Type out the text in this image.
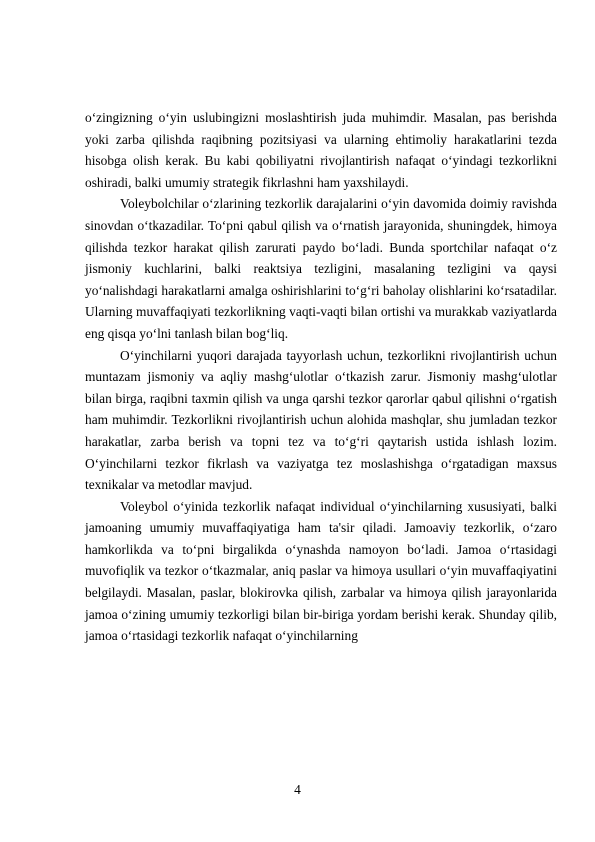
o‘zingizning o‘yin uslubingizni moslashtirish juda muhimdir. Masalan, pas berishda yoki zarba qilishda raqibning pozitsiyasi va ularning ehtimoliy harakatlarini tezda hisobga olish kerak. Bu kabi qobiliyatni rivojlantirish nafaqat o‘yindagi tezkorlikni oshiradi, balki umumiy strategik fikrlashni ham yaxshilaydi.

Voleybolchilar o‘zlarining tezkorlik darajalarini o‘yin davomida doimiy ravishda sinovdan o‘tkazadilar. To‘pni qabul qilish va o‘rnatish jarayonida, shuningdek, himoya qilishda tezkor harakat qilish zarurati paydo bo‘ladi. Bunda sportchilar nafaqat o‘z jismoniy kuchlarini, balki reaktsiya tezligini, masalaning tezligini va qaysi yo‘nalishdagi harakatlarni amalga oshirishlarini to‘g‘ri baholay olishlarini ko‘rsatadilar. Ularning muvaffaqiyati tezkorlikning vaqti-vaqti bilan ortishi va murakkab vaziyatlarda eng qisqa yo‘lni tanlash bilan bog‘liq.

O‘yinchilarni yuqori darajada tayyorlash uchun, tezkorlikni rivojlantirish uchun muntazam jismoniy va aqliy mashg‘ulotlar o‘tkazish zarur. Jismoniy mashg‘ulotlar bilan birga, raqibni taxmin qilish va unga qarshi tezkor qarorlar qabul qilishni o‘rgatish ham muhimdir. Tezkorlikni rivojlantirish uchun alohida mashqlar, shu jumladan tezkor harakatlar, zarba berish va topni tez va to‘g‘ri qaytarish ustida ishlash lozim. O‘yinchilarni tezkor fikrlash va vaziyatga tez moslashishga o‘rgatadigan maxsus texnikalar va metodlar mavjud.

Voleybol o‘yinida tezkorlik nafaqat individual o‘yinchilarning xususiyati, balki jamoaning umumiy muvaffaqiyatiga ham ta'sir qiladi. Jamoaviy tezkorlik, o‘zaro hamkorlikda va to‘pni birgalikda o‘ynashda namoyon bo‘ladi. Jamoa o‘rtasidagi muvofiqlik va tezkor o‘tkazmalar, aniq paslar va himoya usullari o‘yin muvaffaqiyatini belgilaydi. Masalan, paslar, blokirovka qilish, zarbalar va himoya qilish jarayonlarida jamoa o‘zining umumiy tezkorligi bilan bir-biriga yordam berishi kerak. Shunday qilib, jamoa o‘rtasidagi tezkorlik nafaqat o‘yinchilarning

4
